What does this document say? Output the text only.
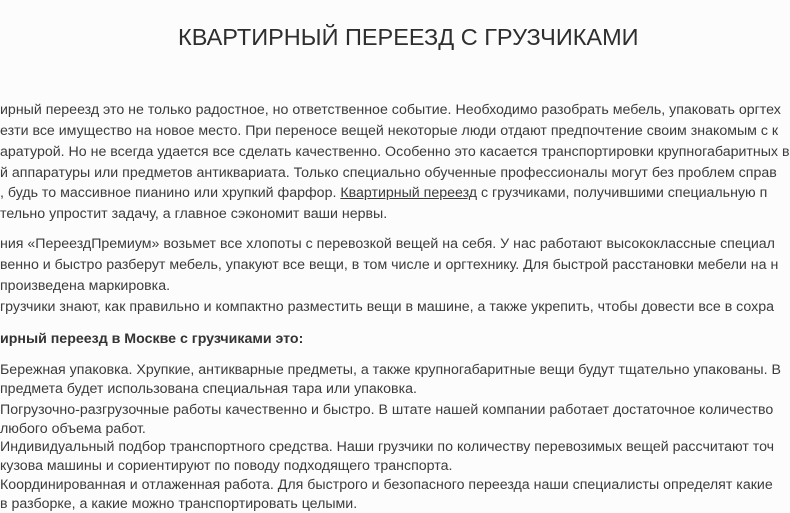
КВАРТИРНЫЙ ПЕРЕЕЗД С ГРУЗЧИКАМИ
ирный переезд это не только радостное, но ответственное событие. Необходимо разобрать мебель, упаковать оргтех
езти все имущество на новое место. При переносе вещей некоторые люди отдают предпочтение своим знакомым с к
аратурой. Но не всегда удается все сделать качественно. Особенно это касается транспортировки крупногабаритных в
й аппаратуры или предметов антиквариата. Только специально обученные профессионалы могут без проблем справ
, будь то массивное пианино или хрупкий фарфор. Квартирный переезд с грузчиками, получившими специальную п
тельно упростит задачу, а главное сэкономит ваши нервы.
ния «ПереездПремиум» возьмет все хлопоты с перевозкой вещей на себя. У нас работают высококлассные специал
венно и быстро разберут мебель, упакуют все вещи, в том числе и оргтехнику. Для быстрой расстановки мебели на н
произведена маркировка.
грузчики знают, как правильно и компактно разместить вещи в машине, а также укрепить, чтобы довести все в сохра
ирный переезд в Москве с грузчиками это:
Бережная упаковка. Хрупкие, антикварные предметы, а также крупногабаритные вещи будут тщательно упакованы. В
предмета будет использована специальная тара или упаковка.
Погрузочно-разгрузочные работы качественно и быстро. В штате нашей компании работает достаточное количество
любого объема работ.
Индивидуальный подбор транспортного средства. Наши грузчики по количеству перевозимых вещей рассчитают точ
кузова машины и сориентируют по поводу подходящего транспорта.
Координированная и отлаженная работа. Для быстрого и безопасного переезда наши специалисты определят какие
в разборке, а какие можно транспортировать целыми.
